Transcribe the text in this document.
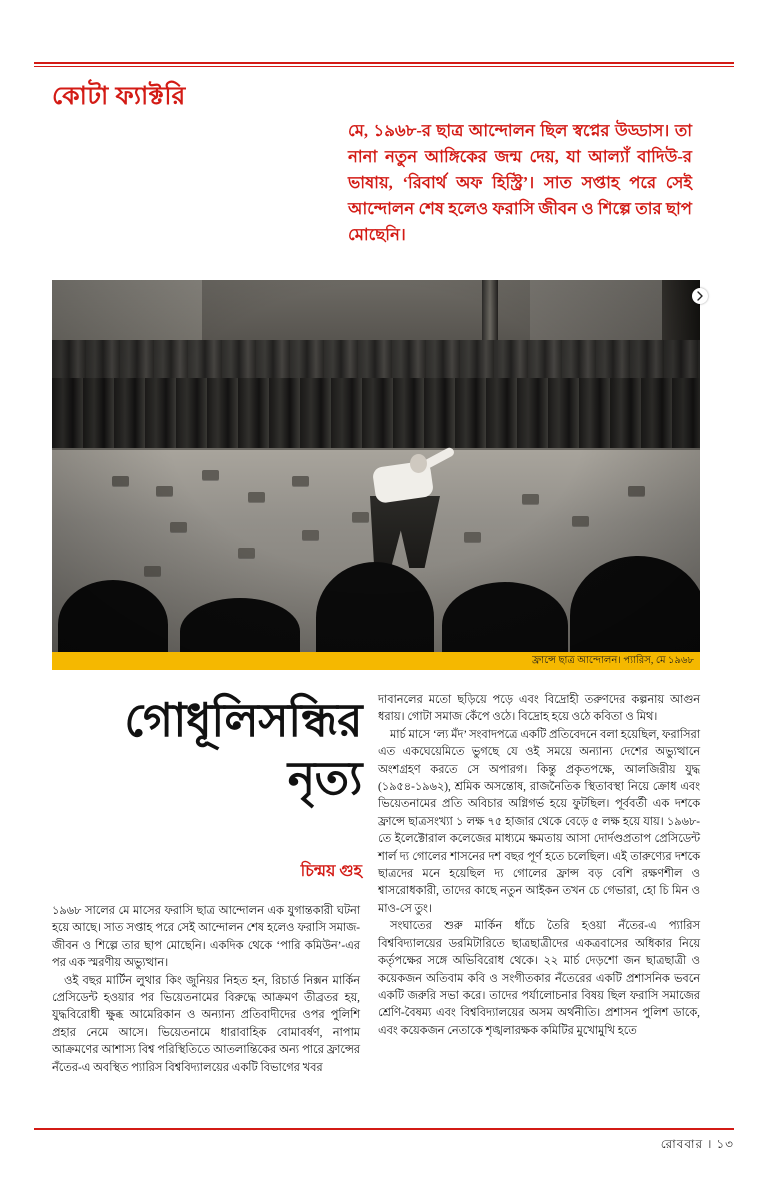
কোটা ফ্যাক্টরি
মে, ১৯৬৮-র ছাত্র আন্দোলন ছিল স্বপ্নের উড্ডাস। তা নানা নতুন আঙ্গিকের জন্ম দেয়, যা আল্যাঁ বাদিউ-র ভাষায়, ‘রিবার্থ অফ হিস্ট্রি’। সাত সপ্তাহ পরে সেই আন্দোলন শেষ হলেও ফরাসি জীবন ও শিল্পে তার ছাপ মোছেনি।
ফ্রান্সে ছাত্র আন্দোলন। প্যারিস, মে ১৯৬৮
গোধূলিসন্ধির নৃত্য
চিন্ময় গুহ

১৯৬৮ সালের মে মাসের ফরাসি ছাত্র আন্দোলন এক যুগান্তকারী ঘটনা হয়ে আছে। সাত সপ্তাহ পরে সেই আন্দোলন শেষ হলেও ফরাসি সমাজ-জীবন ও শিল্পে তার ছাপ মোছেনি। একদিক থেকে ‘পারি কমিউন’-এর পর এক স্মরণীয় অভ্যুত্থান।

ওই বছর মার্টিন লুথার কিং জুনিয়র নিহত হন, রিচার্ড নিক্সন মার্কিন প্রেসিডেন্ট হওয়ার পর ভিয়েতনামের বিরুদ্ধে আক্রমণ তীব্রতর হয়, যুদ্ধবিরোধী ক্ষুব্ধ আমেরিকান ও অন্যান্য প্রতিবাদীদের ওপর পুলিশি প্রহার নেমে আসে। ভিয়েতনামে ধারাবাহিক বোমাবর্ষণ, নাপাম আক্রমণের আশাস্য বিশ্ব পরিস্থিতিতে আতলান্তিকের অন্য পারে ফ্রান্সের নঁতের-এ অবস্থিত প্যারিস বিশ্ববিদ্যালয়ের একটি বিভাগের খবর

দাবানলের মতো ছড়িয়ে পড়ে এবং বিদ্রোহী তরুণদের কল্পনায় আগুন ধরায়। গোটা সমাজ কেঁপে ওঠে। বিদ্রোহ হয়ে ওঠে কবিতা ও মিথ।

মার্চ মাসে ‘ল্য মঁদ’ সংবাদপত্রে একটি প্রতিবেদনে বলা হয়েছিল, ফরাসিরা এত একঘেয়েমিতে ভুগছে যে ওই সময়ে অন্যান্য দেশের অভ্যুত্থানে অংশগ্রহণ করতে সে অপারগ। কিন্তু প্রকৃতপক্ষে, আলজিরীয় যুদ্ধ (১৯৫৪-১৯৬২), শ্রমিক অসন্তোষ, রাজনৈতিক স্থিতাবস্থা নিয়ে ক্রোধ এবং ভিয়েতনামের প্রতি অবিচার অগ্নিগর্ভ হয়ে ফুটছিল। পূর্ববর্তী এক দশকে ফ্রান্সে ছাত্রসংখ্যা ১ লক্ষ ৭৫ হাজার থেকে বেড়ে ৫ লক্ষ হয়ে যায়। ১৯৬৮-তে ইলেক্টোরাল কলেজের মাধ্যমে ক্ষমতায় আসা দোর্দণ্ডপ্রতাপ প্রেসিডেন্ট শার্ল দ্য গোলের শাসনের দশ বছর পূর্ণ হতে চলেছিল। এই তারুণ্যের দশকে ছাত্রদের মনে হয়েছিল দ্য গোলের ফ্রান্স বড় বেশি রক্ষণশীল ও শ্বাসরোধকারী, তাদের কাছে নতুন আইকন তখন চে গেভারা, হো চি মিন ও মাও-সে তুং।

সংঘাতের শুরু মার্কিন ধাঁচে তৈরি হওয়া নঁতের-এ প্যারিস বিশ্ববিদ্যালয়ের ডরমিটারিতে ছাত্রছাত্রীদের একত্রবাসের অধিকার নিয়ে কর্তৃপক্ষের সঙ্গে অভিবিরোধ থেকে। ২২ মার্চ দেড়শো জন ছাত্রছাত্রী ও কয়েকজন অতিবাম কবি ও সংগীতকার নঁতেরের একটি প্রশাসনিক ভবনে একটি জরুরি সভা করে। তাদের পর্যালোচনার বিষয় ছিল ফরাসি সমাজের শ্রেণি-বৈষম্য এবং বিশ্ববিদ্যালয়ের অসম অর্থনীতি। প্রশাসন পুলিশ ডাকে, এবং কয়েকজন নেতাকে শৃঙ্খলারক্ষক কমিটির মুখোমুখি হতে

রোববার । ১৩
